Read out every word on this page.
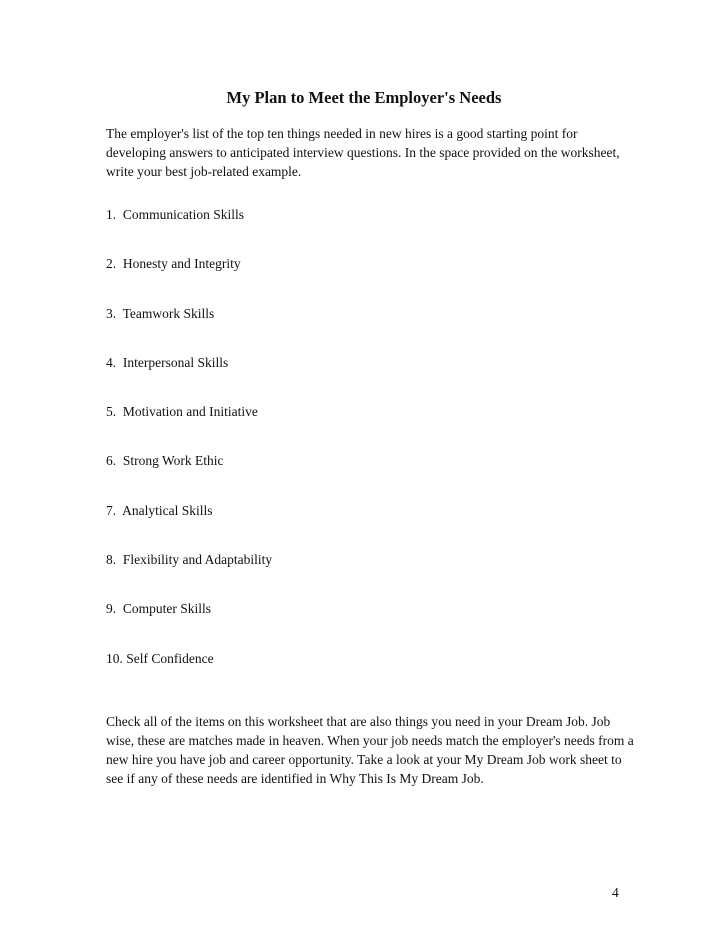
My Plan to Meet the Employer's Needs

The employer's list of the top ten things needed in new hires is a good starting point for developing answers to anticipated interview questions. In the space provided on the worksheet, write your best job-related example.

1.  Communication Skills
2.  Honesty and Integrity
3.  Teamwork Skills
4.  Interpersonal Skills
5.  Motivation and Initiative
6.  Strong Work Ethic
7.  Analytical Skills
8.  Flexibility and Adaptability
9.  Computer Skills
10. Self Confidence

Check all of the items on this worksheet that are also things you need in your Dream Job. Job wise, these are matches made in heaven. When your job needs match the employer's needs from a new hire you have job and career opportunity. Take a look at your My Dream Job work sheet to see if any of these needs are identified in Why This Is My Dream Job.

4
